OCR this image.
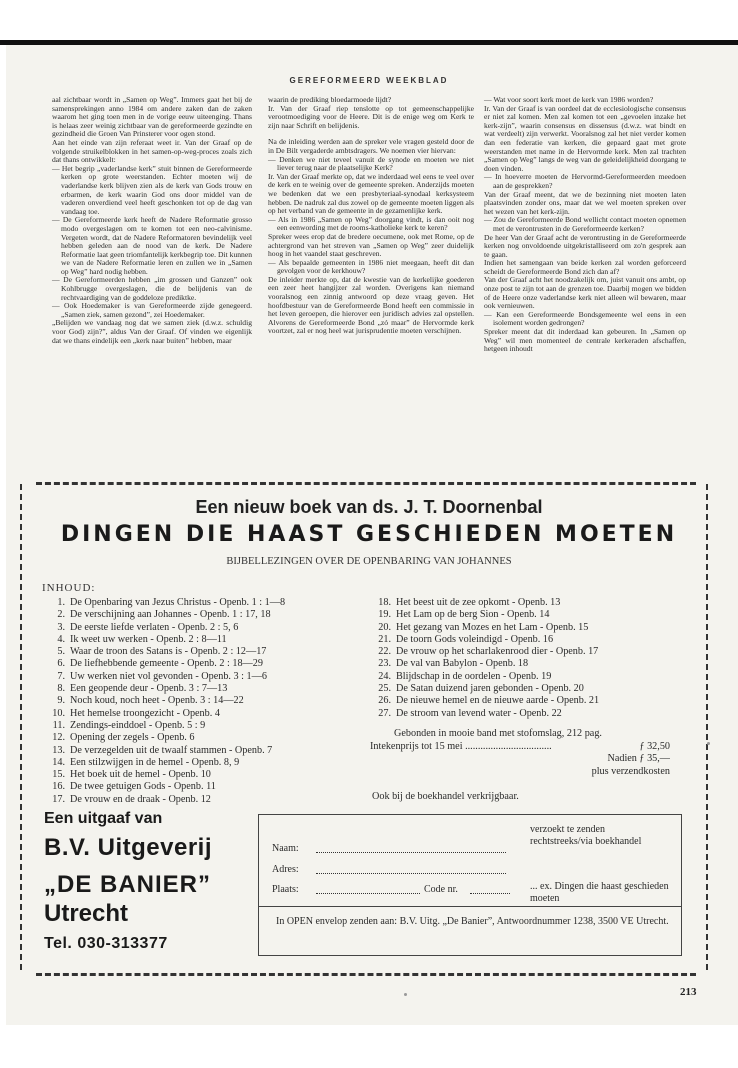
GEREFORMEERD WEEKBLAD

aal zichtbaar wordt in „Samen op Weg”. Immers gaat het bij de samensprekingen anno 1984 om andere zaken dan de zaken waarom het ging toen men in de vorige eeuw uiteenging. Thans is helaas zeer weinig zichtbaar van de gereformeerde gezindte en gezindheid die Groen Van Prinsterer voor ogen stond.

Aan het einde van zijn referaat weet ir. Van der Graaf op de volgende struikelblokken in het samen-op-weg-proces zoals zich dat thans ontwikkelt:

— Het begrip „vaderlandse kerk” stuit binnen de Gereformeerde kerken op grote weerstanden. Echter moeten wij de vaderlandse kerk blijven zien als de kerk van Gods trouw en erbarmen, de kerk waarin God ons door middel van de vaderen onverdiend veel heeft geschonken tot op de dag van vandaag toe.

— De Gereformeerde kerk heeft de Nadere Reformatie grosso modo overgeslagen om te komen tot een neo-calvinisme. Vergeten wordt, dat de Nadere Reformatoren bevindelijk veel hebben geleden aan de nood van de kerk. De Nadere Reformatie laat geen triomfantelijk kerkbegrip toe. Dit kunnen we van de Nadere Reformatie leren en zullen we in „Samen op Weg” hard nodig hebben.

— De Gereformeerden hebben „im grossen und Ganzen” ook Kohlbrugge overgeslagen, die de belijdenis van de rechtvaardiging van de goddeloze prediktke.

— Ook Hoedemaker is van Gereformeerde zijde genegeerd. „Samen ziek, samen gezond”, zei Hoedemaker.

„Belijden we vandaag nog dat we samen ziek (d.w.z. schuldig voor God) zijn?”, aldus Van der Graaf. Of vinden we eigenlijk dat we thans eindelijk een „kerk naar buiten” hebben, maar

waarin de prediking bloedarmoede lijdt?

Ir. Van der Graaf riep tenslotte op tot gemeenschappelijke verootmoediging voor de Heere. Dit is de enige weg om Kerk te zijn naar Schrift en belijdenis.

Na de inleiding werden aan de spreker vele vragen gesteld door de in De Bilt vergaderde ambtsdragers. We noemen vier hiervan:

— Denken we niet teveel vanuit de synode en moeten we niet liever terug naar de plaatselijke Kerk?

Ir. Van der Graaf merkte op, dat we inderdaad wel eens te veel over de kerk en te weinig over de gemeente spreken. Anderzijds moeten we bedenken dat we een presbyteriaal-synodaal kerksysteem hebben. De nadruk zal dus zowel op de gemeente moeten liggen als op het verband van de gemeente in de gezamenlijke kerk.

— Als in 1986 „Samen op Weg” doorgang vindt, is dan ooit nog een eenwording met de rooms-katholieke kerk te keren?

Spreker wees erop dat de bredere oecumene, ook met Rome, op de achtergrond van het streven van „Samen op Weg” zeer duidelijk hoog in het vaandel staat geschreven.

— Als bepaalde gemeenten in 1986 niet meegaan, heeft dit dan gevolgen voor de kerkhouw?

De inleider merkte op, dat de kwestie van de kerkelijke goederen een zeer heet hangijzer zal worden. Overigens kan niemand vooralsnog een zinnig antwoord op deze vraag geven. Het hoofdbestuur van de Gereformeerde Bond heeft een commissie in het leven geroepen, die hierover een juridisch advies zal opstellen. Alvorens de Gereformeerde Bond „zó maar” de Hervormde kerk voortzet, zal er nog heel wat jurisprudentie moeten verschijnen.

— Wat voor soort kerk moet de kerk van 1986 worden?

Ir. Van der Graaf is van oordeel dat de ecclesiologische consensus er niet zal komen. Men zal komen tot een „gevoelen inzake het kerk-zijn”, waarin consensus en dissensus (d.w.z. wat bindt en wat verdeelt) zijn verwerkt. Vooralsnog zal het niet verder komen dan een federatie van kerken, die gepaard gaat met grote weerstanden met name in de Hervormde kerk. Men zal trachten „Samen op Weg” langs de weg van de geleidelijkheid doorgang te doen vinden.

— In hoeverre moeten de Hervormd-Gereformeerden meedoen aan de gesprekken?

Van der Graaf meent, dat we de bezinning niet moeten laten plaatsvinden zonder ons, maar dat we wel moeten spreken over het wezen van het kerk-zijn.

— Zou de Gereformeerde Bond wellicht contact moeten opnemen met de verontrusten in de Gereformeerde kerken?

De heer Van der Graaf acht de verontrusting in de Gereformeerde kerken nog onvoldoende uitgekristalliseerd om zo'n gesprek aan te gaan.

Indien het samengaan van beide kerken zal worden geforceerd scheidt de Gereformeerde Bond zich dan af?

Van der Graaf acht het noodzakelijk om, juist vanuit ons ambt, op onze post te zijn tot aan de grenzen toe. Daarbij mogen we bidden of de Heere onze vaderlandse kerk niet alleen wil bewaren, maar ook vernieuwen.

— Kan een Gereformeerde Bondsgemeente wel eens in een isolement worden gedrongen?

Spreker meent dat dit inderdaad kan gebeuren. In „Samen op Weg” wil men momenteel de centrale kerkeraden afschaffen, hetgeen inhoudt

Een nieuw boek van ds. J. T. Doornenbal
DINGEN DIE HAAST GESCHIEDEN MOETEN
BIJBELLEZINGEN OVER DE OPENBARING VAN JOHANNES
INHOUD:
1. De Openbaring van Jezus Christus - Openb. 1 : 1—8
2. De verschijning aan Johannes - Openb. 1 : 17, 18
3. De eerste liefde verlaten - Openb. 2 : 5, 6
4. Ik weet uw werken - Openb. 2 : 8—11
5. Waar de troon des Satans is - Openb. 2 : 12—17
6. De liefhebbende gemeente - Openb. 2 : 18—29
7. Uw werken niet vol gevonden - Openb. 3 : 1—6
8. Een geopende deur - Openb. 3 : 7—13
9. Noch koud, noch heet - Openb. 3 : 14—22
10. Het hemelse troongezicht - Openb. 4
11. Zendings-einddoel - Openb. 5 : 9
12. Opening der zegels - Openb. 6
13. De verzegelden uit de twaalf stammen - Openb. 7
14. Een stilzwijgen in de hemel - Openb. 8, 9
15. Het boek uit de hemel - Openb. 10
16. De twee getuigen Gods - Openb. 11
17. De vrouw en de draak - Openb. 12
18. Het beest uit de zee opkomt - Openb. 13
19. Het Lam op de berg Sion - Openb. 14
20. Het gezang van Mozes en het Lam - Openb. 15
21. De toorn Gods voleindigd - Openb. 16
22. De vrouw op het scharlakenrood dier - Openb. 17
23. De val van Babylon - Openb. 18
24. Blijdschap in de oordelen - Openb. 19
25. De Satan duizend jaren gebonden - Openb. 20
26. De nieuwe hemel en de nieuwe aarde - Openb. 21
27. De stroom van levend water - Openb. 22
Gebonden in mooie band met stofomslag, 212 pag.
Intekenprijs tot 15 mei ..................................	ƒ 32,50
Nadien ƒ 35,—
plus verzendkosten
Ook bij de boekhandel verkrijgbaar.
Een uitgaaf van
B.V. Uitgeverij
„DE BANIER”
Utrecht
Tel. 030-313377
Naam:
Adres:
Plaats:	Code nr.
verzoekt te zenden rechtstreeks/via boekhandel
... ex. Dingen die haast geschieden moeten
In OPEN envelop zenden aan: B.V. Uitg. „De Banier”, Antwoordnummer 1238, 3500 VE Utrecht.
213
